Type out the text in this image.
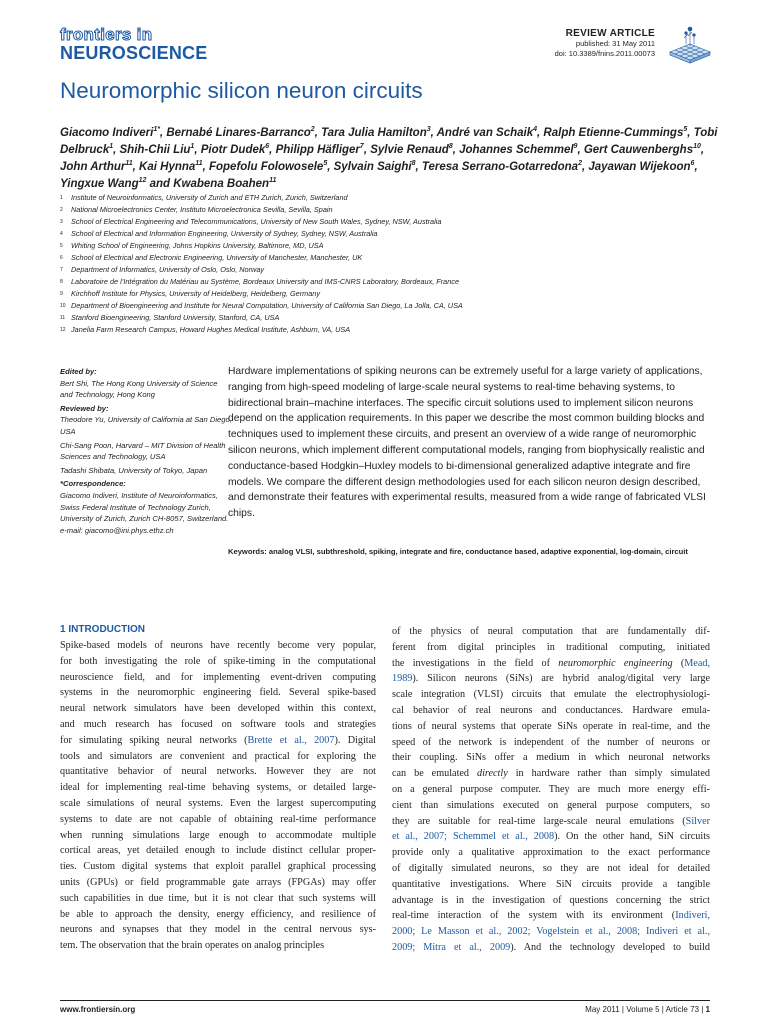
frontiers in
NEUROSCIENCE
REVIEW ARTICLE
published: 31 May 2011
doi: 10.3389/fnins.2011.00073
Neuromorphic silicon neuron circuits
Giacomo Indiveri$^{1*}$, Bernabé Linares-Barranco$^2$, Tara Julia Hamilton$^3$, André van Schaik$^4$, Ralph Etienne-Cummings$^5$, Tobi Delbruck$^1$, Shih-Chii Liu$^1$, Piotr Dudek$^6$, Philipp Häfliger$^7$, Sylvie Renaud$^8$, Johannes Schemmel$^9$, Gert Cauwenberghs$^{10}$, John Arthur$^{11}$, Kai Hynna$^{11}$, Fopefolu Folowosele$^5$, Sylvain Saighi$^8$, Teresa Serrano-Gotarredona$^2$, Jayawan Wijekoon$^6$, Yingxue Wang$^{12}$ and Kwabena Boahen$^{11}$
1	Institute of Neuroinformatics, University of Zurich and ETH Zurich, Zurich, Switzerland
2	National Microelectronics Center, Instituto Microelectronica Sevilla, Sevilla, Spain
3	School of Electrical Engineering and Telecommunications, University of New South Wales, Sydney, NSW, Australia
4	School of Electrical and Information Engineering, University of Sydney, Sydney, NSW, Australia
5	Whiting School of Engineering, Johns Hopkins University, Baltimore, MD, USA
6	School of Electrical and Electronic Engineering, University of Manchester, Manchester, UK
7	Department of Informatics, University of Oslo, Oslo, Norway
8	Laboratoire de l’Intégration du Matériau au Système, Bordeaux University and IMS-CNRS Laboratory, Bordeaux, France
9	Kirchhoff Institute for Physics, University of Heidelberg, Heidelberg, Germany
10 Department of Bioengineering and Institute for Neural Computation, University of California San Diego, La Jolla, CA, USA
11 Stanford Bioengineering, Stanford University, Stanford, CA, USA
12 Janelia Farm Research Campus, Howard Hughes Medical Institute, Ashburn, VA, USA
Edited by:
Bert Shi, The Hong Kong University of Science and Technology, Hong Kong
Reviewed by:
Theodore Yu, University of California at San Diego, USA
Chi-Sang Poon, Harvard – MIT Division of Health Sciences and Technology, USA
Tadashi Shibata, University of Tokyo, Japan
*Correspondence:
Giacomo Indiveri, Institute of Neuroinformatics, Swiss Federal Institute of Technology Zurich, University of Zurich, Zurich CH-8057, Switzerland.
e-mail: giacomo@ini.phys.ethz.ch
Hardware implementations of spiking neurons can be extremely useful for a large variety of applications, ranging from high-speed modeling of large-scale neural systems to real-time behaving systems, to bidirectional brain–machine interfaces. The specific circuit solutions used to implement silicon neurons depend on the application requirements. In this paper we describe the most common building blocks and techniques used to implement these circuits, and present an overview of a wide range of neuromorphic silicon neurons, which implement different computational models, ranging from biophysically realistic and conductance-based Hodgkin–Huxley models to bi-dimensional generalized adaptive integrate and fire models. We compare the different design methodologies used for each silicon neuron design described, and demonstrate their features with experimental results, measured from a wide range of fabricated VLSI chips.
Keywords: analog VLSI, subthreshold, spiking, integrate and fire, conductance based, adaptive exponential, log-domain, circuit
1 INTRODUCTION
Spike-based models of neurons have recently become very popular,
for both investigating the role of spike-timing in the computational
neuroscience field, and for implementing event-driven computing
systems in the neuromorphic engineering field. Several spike-based
neural network simulators have been developed within this context,
and much research has focused on software tools and strategies
for simulating spiking neural networks (Brette et al., 2007). Digital
tools and simulators are convenient and practical for exploring the
quantitative behavior of neural networks. However they are not
ideal for implementing real-time behaving systems, or detailed large-
scale simulations of neural systems. Even the largest supercomputing
systems to date are not capable of obtaining real-time performance
when running simulations large enough to accommodate multiple
cortical areas, yet detailed enough to include distinct cellular proper-
ties. Custom digital systems that exploit parallel graphical processing
units (GPUs) or field programmable gate arrays (FPGAs) may offer
such capabilities in due time, but it is not clear that such systems will
be able to approach the density, energy efficiency, and resilience of
neurons and synapses that they model in the central nervous sys-
tem. The observation that the brain operates on analog principles
of the physics of neural computation that are fundamentally dif-
ferent from digital principles in traditional computing, initiated
the investigations in the field of neuromorphic engineering (Mead,
1989). Silicon neurons (SiNs) are hybrid analog/digital very large
scale integration (VLSI) circuits that emulate the electrophysiologi-
cal behavior of real neurons and conductances. Hardware emula-
tions of neural systems that operate SiNs operate in real-time, and the
speed of the network is independent of the number of neurons or
their coupling. SiNs offer a medium in which neuronal networks
can be emulated directly in hardware rather than simply simulated
on a general purpose computer. They are much more energy effi-
cient than simulations executed on general purpose computers, so
they are suitable for real-time large-scale neural emulations (Silver
et al., 2007; Schemmel et al., 2008). On the other hand, SiN circuits
provide only a qualitative approximation to the exact performance
of digitally simulated neurons, so they are not ideal for detailed
quantitative investigations. Where SiN circuits provide a tangible
advantage is in the investigation of questions concerning the strict
real-time interaction of the system with its environment (Indiveri,
2000; Le Masson et al., 2002; Vogelstein et al., 2008; Indiveri et al.,
2009; Mitra et al., 2009). And the technology developed to build
www.frontiersin.org	May 2011 | Volume 5 | Article 73 | 1
